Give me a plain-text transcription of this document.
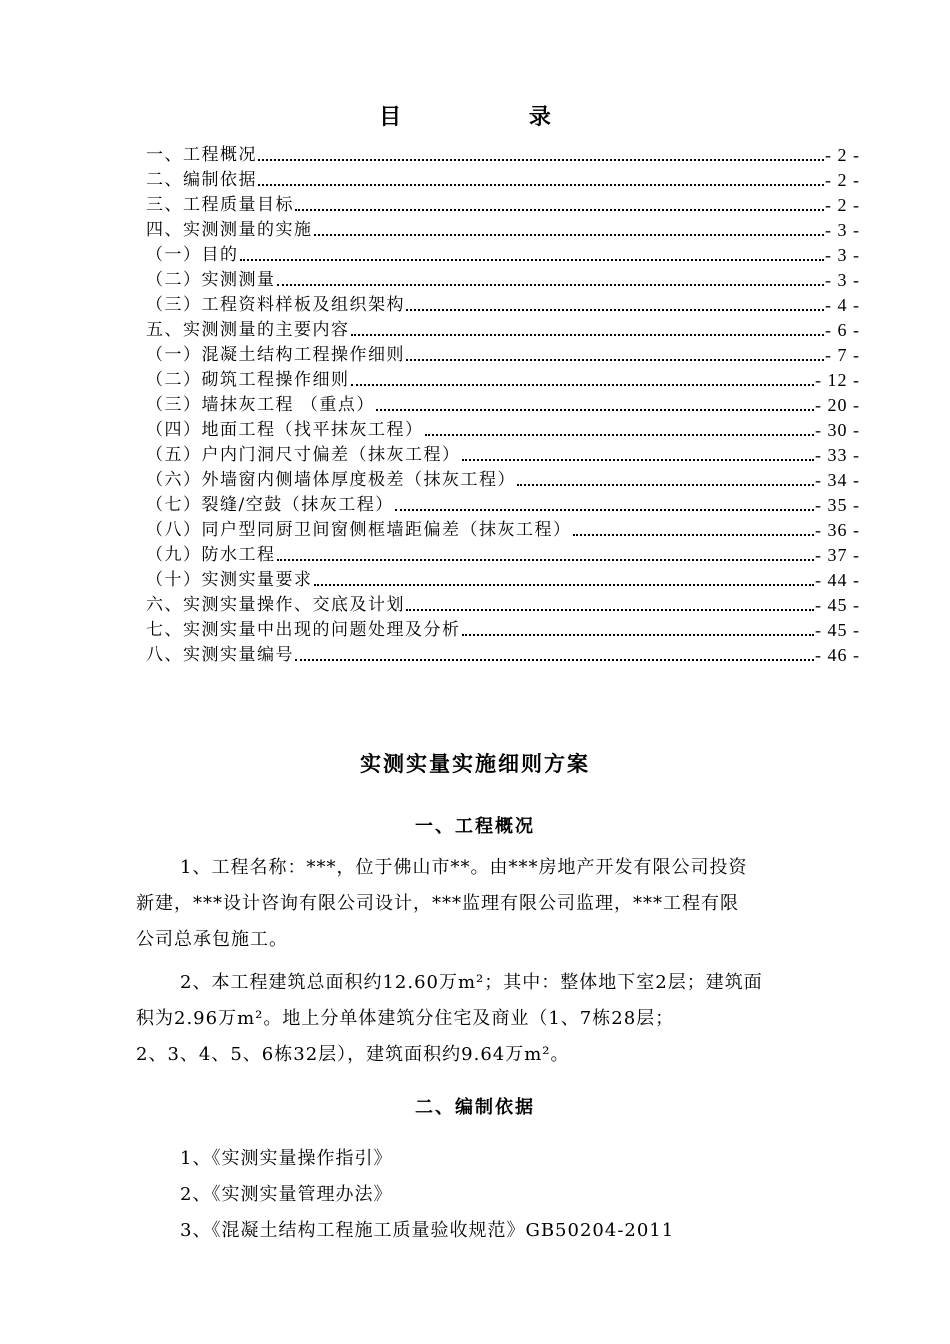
目 录
一、工程概况	- 2 -
二、编制依据	- 2 -
三、工程质量目标	- 2 -
四、实测测量的实施	- 3 -
（一）目的	- 3 -
（二）实测测量	- 3 -
（三）工程资料样板及组织架构	- 4 -
五、实测测量的主要内容	- 6 -
（一）混凝土结构工程操作细则	- 7 -
（二）砌筑工程操作细则	- 12 -
（三）墙抹灰工程 （重点）	- 20 -
（四）地面工程（找平抹灰工程）	- 30 -
（五）户内门洞尺寸偏差（抹灰工程）	- 33 -
（六）外墙窗内侧墙体厚度极差（抹灰工程）	- 34 -
（七）裂缝/空鼓（抹灰工程）	- 35 -
（八）同户型同厨卫间窗侧框墙距偏差（抹灰工程）	- 36 -
（九）防水工程	- 37 -
（十）实测实量要求	- 44 -
六、实测实量操作、交底及计划	- 45 -
七、实测实量中出现的问题处理及分析	- 45 -
八、实测实量编号	- 46 -
实测实量实施细则方案
一、工程概况
1、工程名称：***，位于佛山市**。由***房地产开发有限公司投资
新建，***设计咨询有限公司设计，***监理有限公司监理，***工程有限
公司总承包施工。
2、本工程建筑总面积约12.60万m²；其中：整体地下室2层；建筑面
积为2.96万m²。地上分单体建筑分住宅及商业（1、7栋28层；
2、3、4、5、6栋32层），建筑面积约9.64万m²。
二、编制依据
1、《实测实量操作指引》
2、《实测实量管理办法》
3、《混凝土结构工程施工质量验收规范》GB50204-2011
